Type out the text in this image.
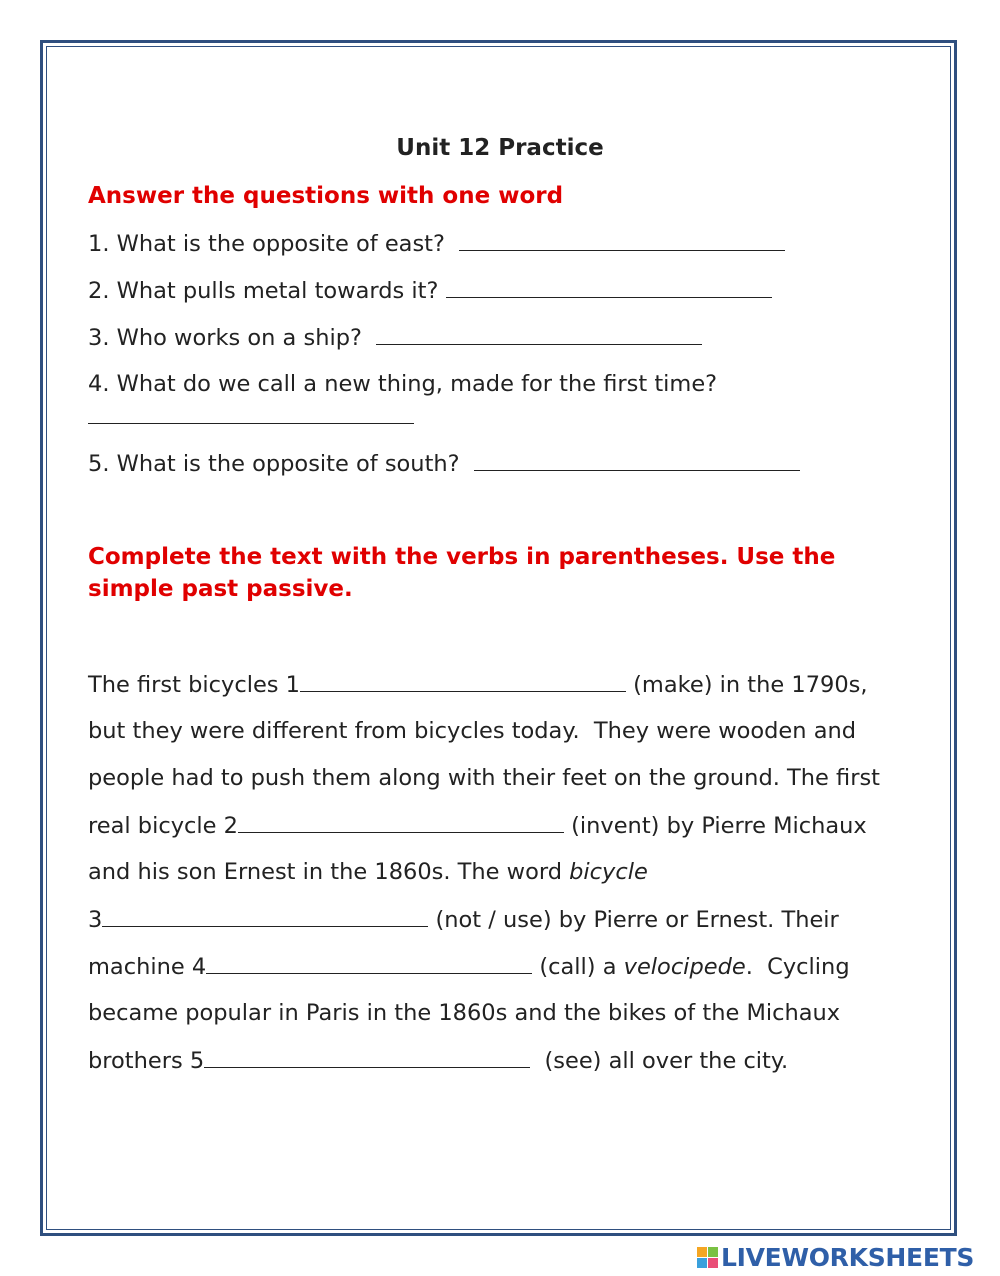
Unit 12 Practice
Answer the questions with one word
1. What is the opposite of east?
2. What pulls metal towards it?
3. Who works on a ship?
4. What do we call a new thing, made for the first time?
5. What is the opposite of south?
Complete the text with the verbs in parentheses. Use the
simple past passive.
The first bicycles 1	(make) in the 1790s,
but they were different from bicycles today.  They were wooden and
people had to push them along with their feet on the ground. The first
real bicycle 2	(invent) by Pierre Michaux
and his son Ernest in the 1860s. The word bicycle
3	(not / use) by Pierre or Ernest. Their
machine 4	(call) a velocipede.  Cycling
became popular in Paris in the 1860s and the bikes of the Michaux
brothers 5	(see) all over the city.
LIVEWORKSHEETS
